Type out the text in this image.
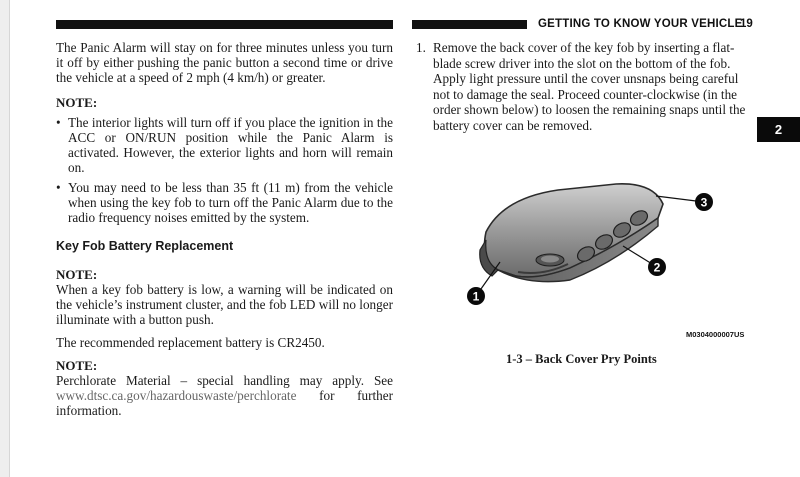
GETTING TO KNOW YOUR VEHICLE
19
2

The Panic Alarm will stay on for three minutes unless you turn it off by either pushing the panic button a second time or drive the vehicle at a speed of 2 mph (4 km/h) or greater.

NOTE:

• The interior lights will turn off if you place the ignition in the ACC or ON/RUN position while the Panic Alarm is activated. However, the exterior lights and horn will remain on.
• You may need to be less than 35 ft (11 m) from the vehicle when using the key fob to turn off the Panic Alarm due to the radio frequency noises emitted by the system.
Key Fob Battery Replacement

NOTE:

When a key fob battery is low, a warning will be indicated on the vehicle’s instrument cluster, and the fob LED will no longer illuminate with a button push.

The recommended replacement battery is CR2450.

NOTE:

Perchlorate Material – special handling may apply. See www.dtsc.ca.gov/hazardouswaste/perchlorate for further information.

1. Remove the back cover of the key fob by inserting a flat-blade screw driver into the slot on the bottom of the fob. Apply light pressure until the cover unsnaps being careful not to damage the seal. Proceed counter-clockwise (in the order shown below) to loosen the remaining snaps until the battery cover can be removed.
1
2
3
M0304000007US
1-3 – Back Cover Pry Points
